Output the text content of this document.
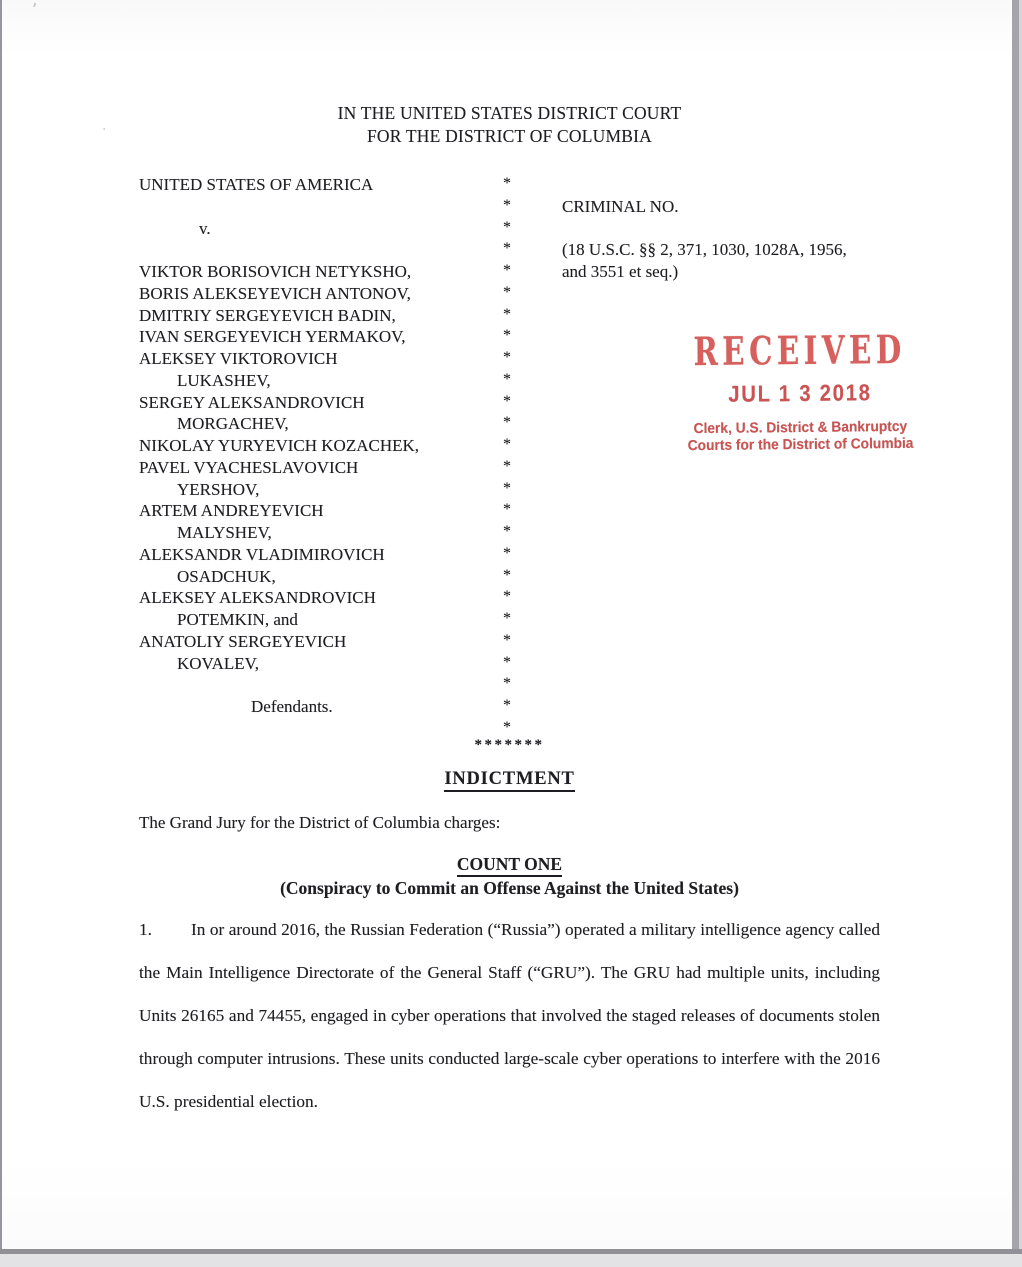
IN THE UNITED STATES DISTRICT COURT
FOR THE DISTRICT OF COLUMBIA
UNITED STATES OF AMERICA	*
*	CRIMINAL NO.
v.	*
*	(18 U.S.C. §§ 2, 371, 1030, 1028A, 1956,
VIKTOR BORISOVICH NETYKSHO,	*	and 3551 et seq.)
BORIS ALEKSEYEVICH ANTONOV,	*
DMITRIY SERGEYEVICH BADIN,	*
IVAN SERGEYEVICH YERMAKOV,	*
ALEKSEY VIKTOROVICH	*
LUKASHEV,	*
SERGEY ALEKSANDROVICH	*
MORGACHEV,	*
NIKOLAY YURYEVICH KOZACHEK,	*
PAVEL VYACHESLAVOVICH	*
YERSHOV,	*
ARTEM ANDREYEVICH	*
MALYSHEV,	*
ALEKSANDR VLADIMIROVICH	*
OSADCHUK,	*
ALEKSEY ALEKSANDROVICH	*
POTEMKIN, and	*
ANATOLIY SERGEYEVICH	*
KOVALEV,	*
*
Defendants.	*
*
*******
INDICTMENT
The Grand Jury for the District of Columbia charges:
COUNT ONE
(Conspiracy to Commit an Offense Against the United States)
1. In or around 2016, the Russian Federation (“Russia”) operated a military intelligence agency called the Main Intelligence Directorate of the General Staff (“GRU”). The GRU had multiple units, including Units 26165 and 74455, engaged in cyber operations that involved the staged releases of documents stolen through computer intrusions. These units conducted large-scale cyber operations to interfere with the 2016 U.S. presidential election.
RECEIVED
JUL 1 3 2018
Clerk, U.S. District & Bankruptcy
Courts for the District of Columbia
·
ʼ
